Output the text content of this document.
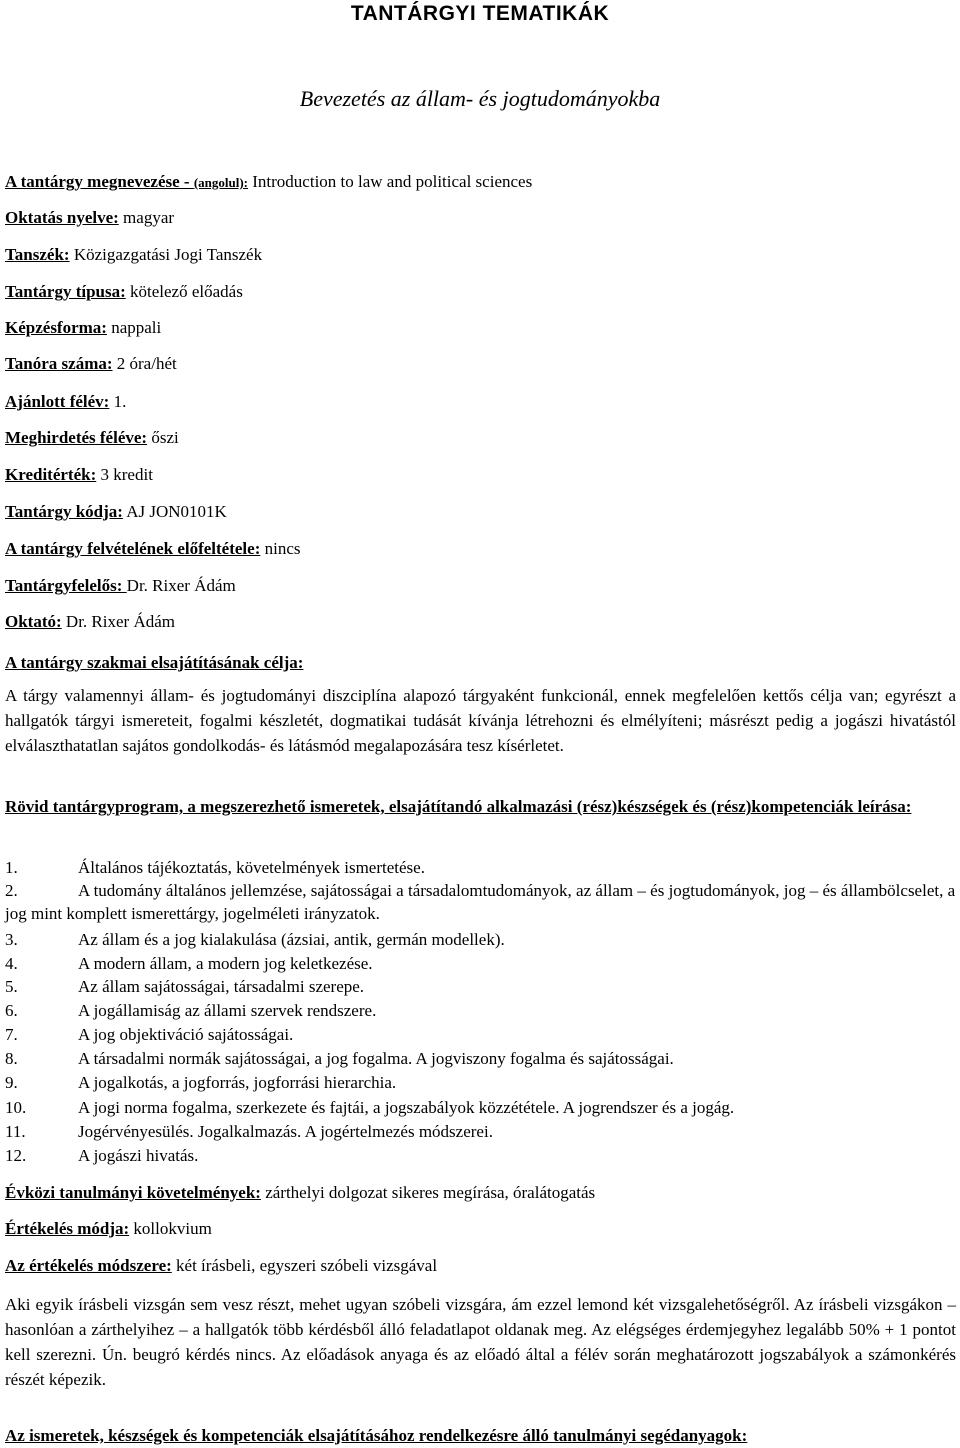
TANTÁRGYI TEMATIKÁK
Bevezetés az állam- és jogtudományokba
A tantárgy megnevezése - (angolul): Introduction to law and political sciences
Oktatás nyelve: magyar
Tanszék: Közigazgatási Jogi Tanszék
Tantárgy típusa: kötelező előadás
Képzésforma: nappali
Tanóra száma: 2 óra/hét
Ajánlott félév: 1.
Meghirdetés féléve: őszi
Kreditérték: 3 kredit
Tantárgy kódja: AJ JON0101K
A tantárgy felvételének előfeltétele: nincs
Tantárgyfelelős: Dr. Rixer Ádám
Oktató: Dr. Rixer Ádám
A tantárgy szakmai elsajátításának célja:
A tárgy valamennyi állam- és jogtudományi diszciplína alapozó tárgyaként funkcionál, ennek megfelelően kettős célja van; egyrészt a hallgatók tárgyi ismereteit, fogalmi készletét, dogmatikai tudását kívánja létrehozni és elmélyíteni; másrészt pedig a jogászi hivatástól elválaszthatatlan sajátos gondolkodás- és látásmód megalapozására tesz kísérletet.
Rövid tantárgyprogram, a megszerezhető ismeretek, elsajátítandó alkalmazási (rész)készségek és (rész)kompetenciák leírása:
1.	Általános tájékoztatás, követelmények ismertetése.
2.	A tudomány általános jellemzése, sajátosságai a társadalomtudományok, az állam – és jogtudományok, jog – és állambölcselet, a jog mint komplett ismerettárgy, jogelméleti irányzatok.
3.	Az állam és a jog kialakulása (ázsiai, antik, germán modellek).
4.	A modern állam, a modern jog keletkezése.
5.	Az állam sajátosságai, társadalmi szerepe.
6.	A jogállamiság az állami szervek rendszere.
7.	A jog objektiváció sajátosságai.
8.	A társadalmi normák sajátosságai, a jog fogalma. A jogviszony fogalma és sajátosságai.
9.	A jogalkotás, a jogforrás, jogforrási hierarchia.
10.	A jogi norma fogalma, szerkezete és fajtái, a jogszabályok közzététele. A jogrendszer és a jogág.
11.	Jogérvényesülés. Jogalkalmazás. A jogértelmezés módszerei.
12.	A jogászi hivatás.
Évközi tanulmányi követelmények: zárthelyi dolgozat sikeres megírása, óralátogatás
Értékelés módja: kollokvium
Az értékelés módszere: két írásbeli, egyszeri szóbeli vizsgával
Aki egyik írásbeli vizsgán sem vesz részt, mehet ugyan szóbeli vizsgára, ám ezzel lemond két vizsgalehetőségről. Az írásbeli vizsgákon – hasonlóan a zárthelyihez – a hallgatók több kérdésből álló feladatlapot oldanak meg. Az elégséges érdemjegyhez legalább 50% + 1 pontot kell szerezni. Ún. beugró kérdés nincs. Az előadások anyaga és az előadó által a félév során meghatározott jogszabályok a számonkérés részét képezik.
Az ismeretek, készségek és kompetenciák elsajátításához rendelkezésre álló tanulmányi segédanyagok:
